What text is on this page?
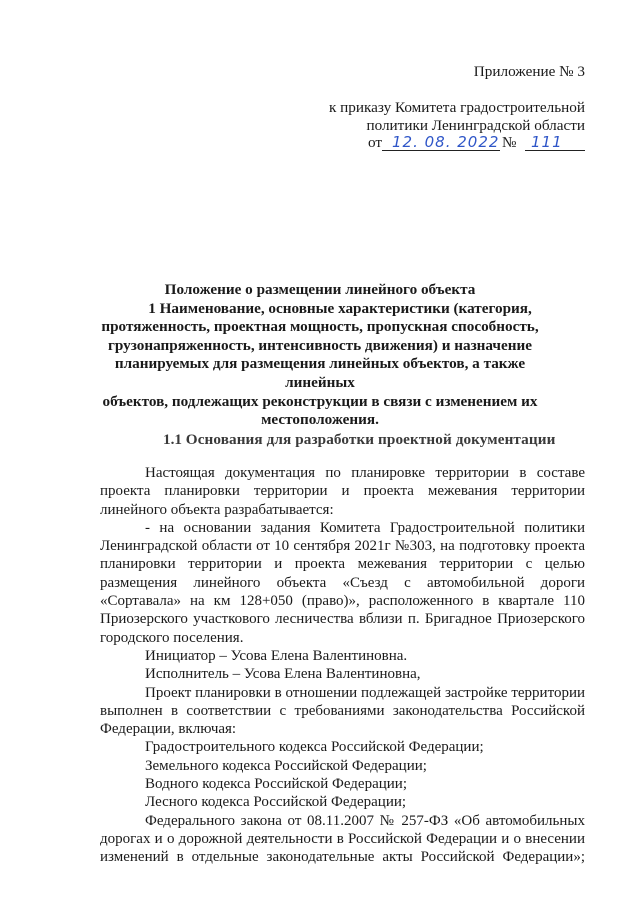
Приложение № 3
к приказу Комитета градостроительной
политики Ленинградской области
от 12. 08. 2022 № 111
Положение о размещении линейного объекта
1 Наименование, основные характеристики (категория,
протяженность, проектная мощность, пропускная способность,
грузонапряженность, интенсивность движения) и назначение
планируемых для размещения линейных объектов, а также линейных
объектов, подлежащих реконструкции в связи с изменением их
местоположения.
1.1 Основания для разработки проектной документации
Настоящая документация по планировке территории в составе
проекта планировки территории и проекта межевания территории
линейного объекта разрабатывается:
- на основании задания Комитета Градостроительной политики
Ленинградской области от 10 сентября 2021г №303, на подготовку проекта
планировки территории и проекта межевания территории с целью
размещения линейного объекта «Съезд с автомобильной дороги
«Сортавала» на км 128+050 (право)», расположенного в квартале 110
Приозерского участкового лесничества вблизи п. Бригадное Приозерского
городского поселения.
Инициатор – Усова Елена Валентиновна.
Исполнитель – Усова Елена Валентиновна,
Проект планировки в отношении подлежащей застройке территории
выполнен в соответствии с требованиями законодательства Российской
Федерации, включая:
Градостроительного кодекса Российской Федерации;
Земельного кодекса Российской Федерации;
Водного кодекса Российской Федерации;
Лесного кодекса Российской Федерации;
Федерального закона от 08.11.2007 № 257-ФЗ «Об автомобильных
дорогах и о дорожной деятельности в Российской Федерации и о внесении
изменений в отдельные законодательные акты Российской Федерации»;
